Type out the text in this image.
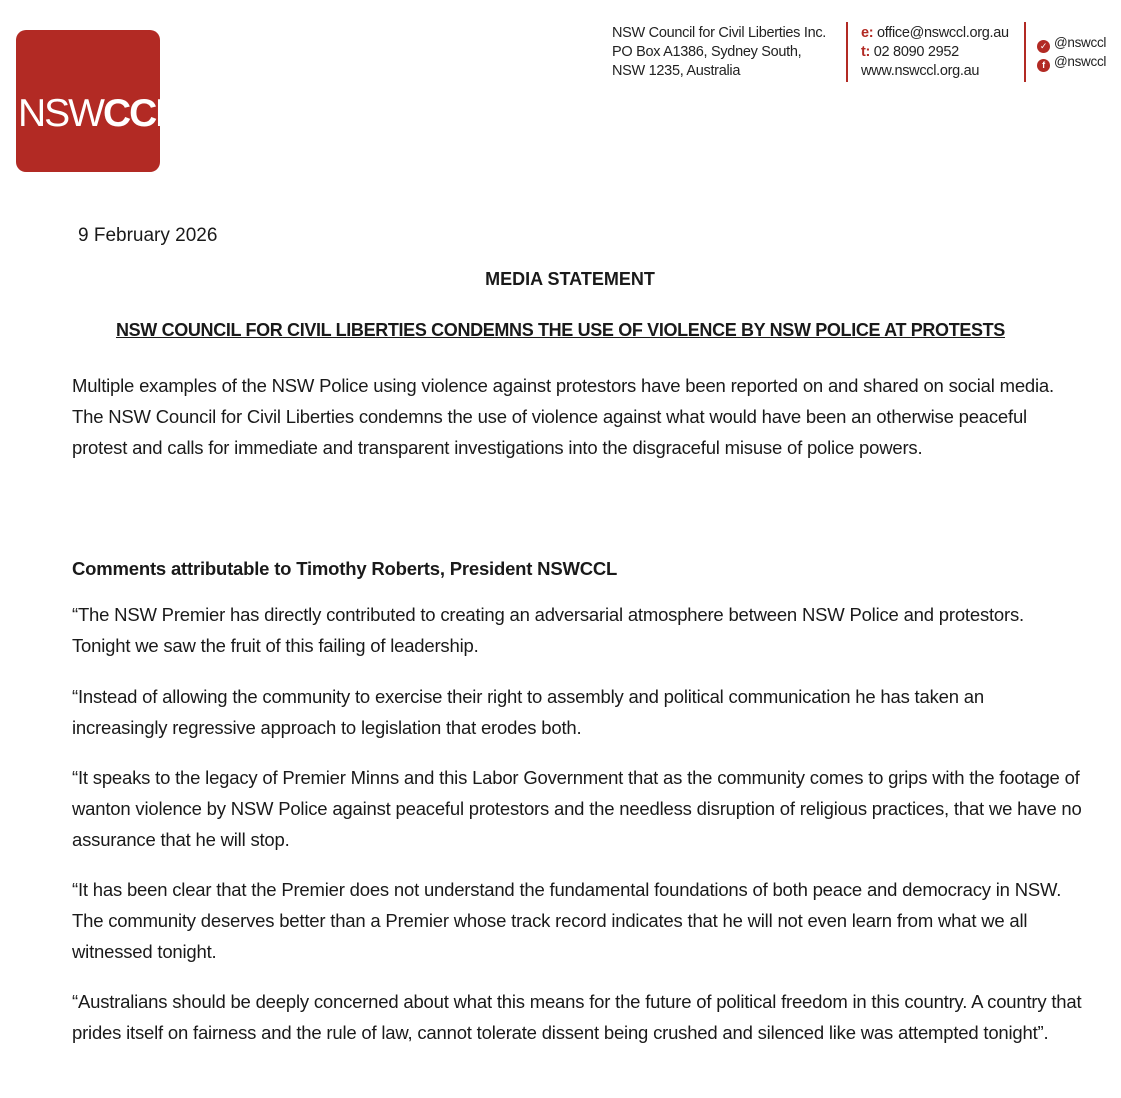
NSWCCL
NSW Council for Civil Liberties Inc.
PO Box A1386, Sydney South,
NSW 1235, Australia
e: office@nswccl.org.au
t: 02 8090 2952
www.nswccl.org.au
✓ @nswccl
f @nswccl
9 February 2026
MEDIA STATEMENT
NSW COUNCIL FOR CIVIL LIBERTIES CONDEMNS THE USE OF VIOLENCE BY NSW POLICE AT PROTESTS

Multiple examples of the NSW Police using violence against protestors have been reported on and shared on social media. The NSW Council for Civil Liberties condemns the use of violence against what would have been an otherwise peaceful protest and calls for immediate and transparent investigations into the disgraceful misuse of police powers.

Comments attributable to Timothy Roberts, President NSWCCL

“The NSW Premier has directly contributed to creating an adversarial atmosphere between NSW Police and protestors. Tonight we saw the fruit of this failing of leadership.

“Instead of allowing the community to exercise their right to assembly and political communication he has taken an increasingly regressive approach to legislation that erodes both.

“It speaks to the legacy of Premier Minns and this Labor Government that as the community comes to grips with the footage of wanton violence by NSW Police against peaceful protestors and the needless disruption of religious practices, that we have no assurance that he will stop.

“It has been clear that the Premier does not understand the fundamental foundations of both peace and democracy in NSW. The community deserves better than a Premier whose track record indicates that he will not even learn from what we all witnessed tonight.

“Australians should be deeply concerned about what this means for the future of political freedom in this country. A country that prides itself on fairness and the rule of law, cannot tolerate dissent being crushed and silenced like was attempted tonight”.
